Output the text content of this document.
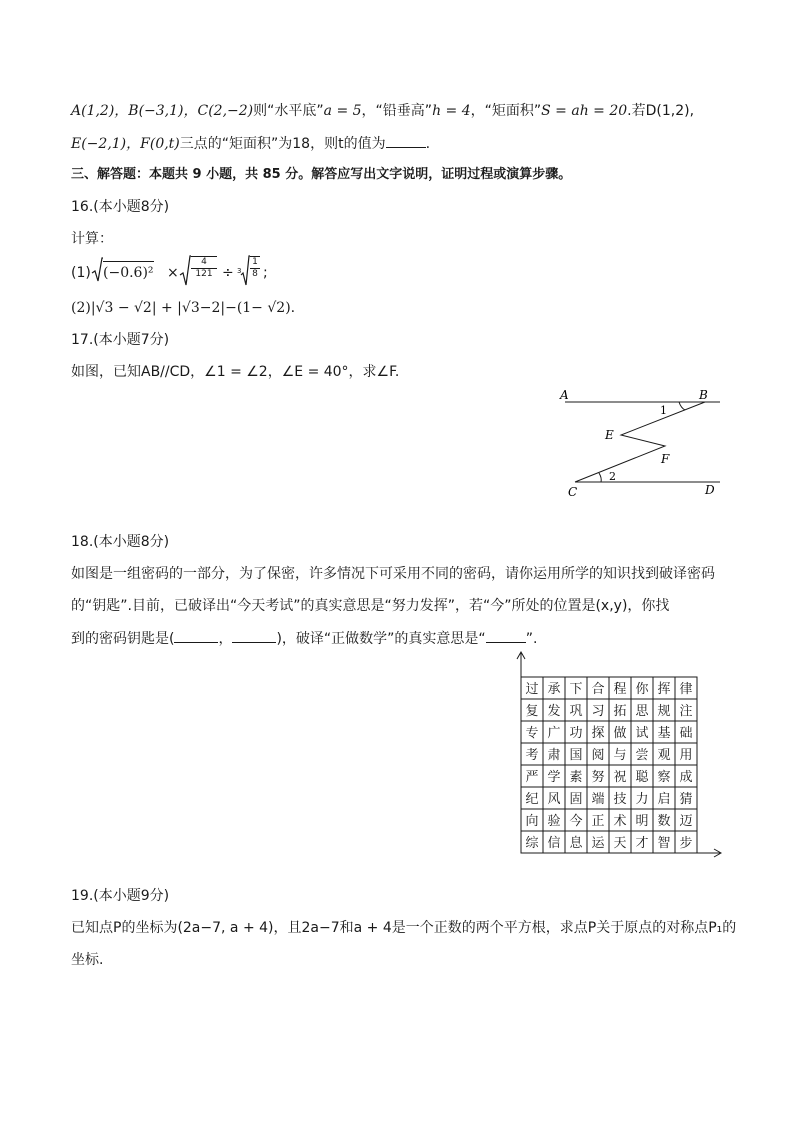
A(1,2)，B(−3,1)，C(2,−2)则“水平底”a = 5，“铅垂高”h = 4，“矩面积”S = ah = 20.若D(1,2),
E(−2,1)，F(0,t)三点的“矩面积”为18，则t的值为	.
三、解答题：本题共 9 小题，共 85 分。解答应写出文字说明，证明过程或演算步骤。
16.(本小题8分)
计算：
(1) (−0.6)² ×
4
121 ÷ 3
1
8 ;
(2)|√3 − √2| + |√3−2|−(1− √2).
17.(本小题7分)
如图，已知AB//CD，∠1 = ∠2，∠E = 40°，求∠F.
A	B
1
E
F
2
C	D
18.(本小题8分)
如图是一组密码的一部分，为了保密，许多情况下可采用不同的密码，请你运用所学的知识找到破译密码
的“钥匙”.目前，已破译出“今天考试”的真实意思是“努力发挥”，若“今”所处的位置是(x,y)，你找
到的密码钥匙是(	，	)，破译“正做数学”的真实意思是“	”.
过 承 下 合 程 你 挥 律
复 发 巩 习 拓 思 规 注
专 广 功 探 做 试 基 础
考 肃 国 阅 与 尝 观 用
严 学 素 努 祝 聪 察 成
纪 风 固 端 技 力 启 猜
向 验 今 正 术 明 数 迈
综 信 息 运 天 才 智 步
19.(本小题9分)
已知点P的坐标为(2a−7, a + 4)，且2a−7和a + 4是一个正数的两个平方根，求点P关于原点的对称点P₁的
坐标.
